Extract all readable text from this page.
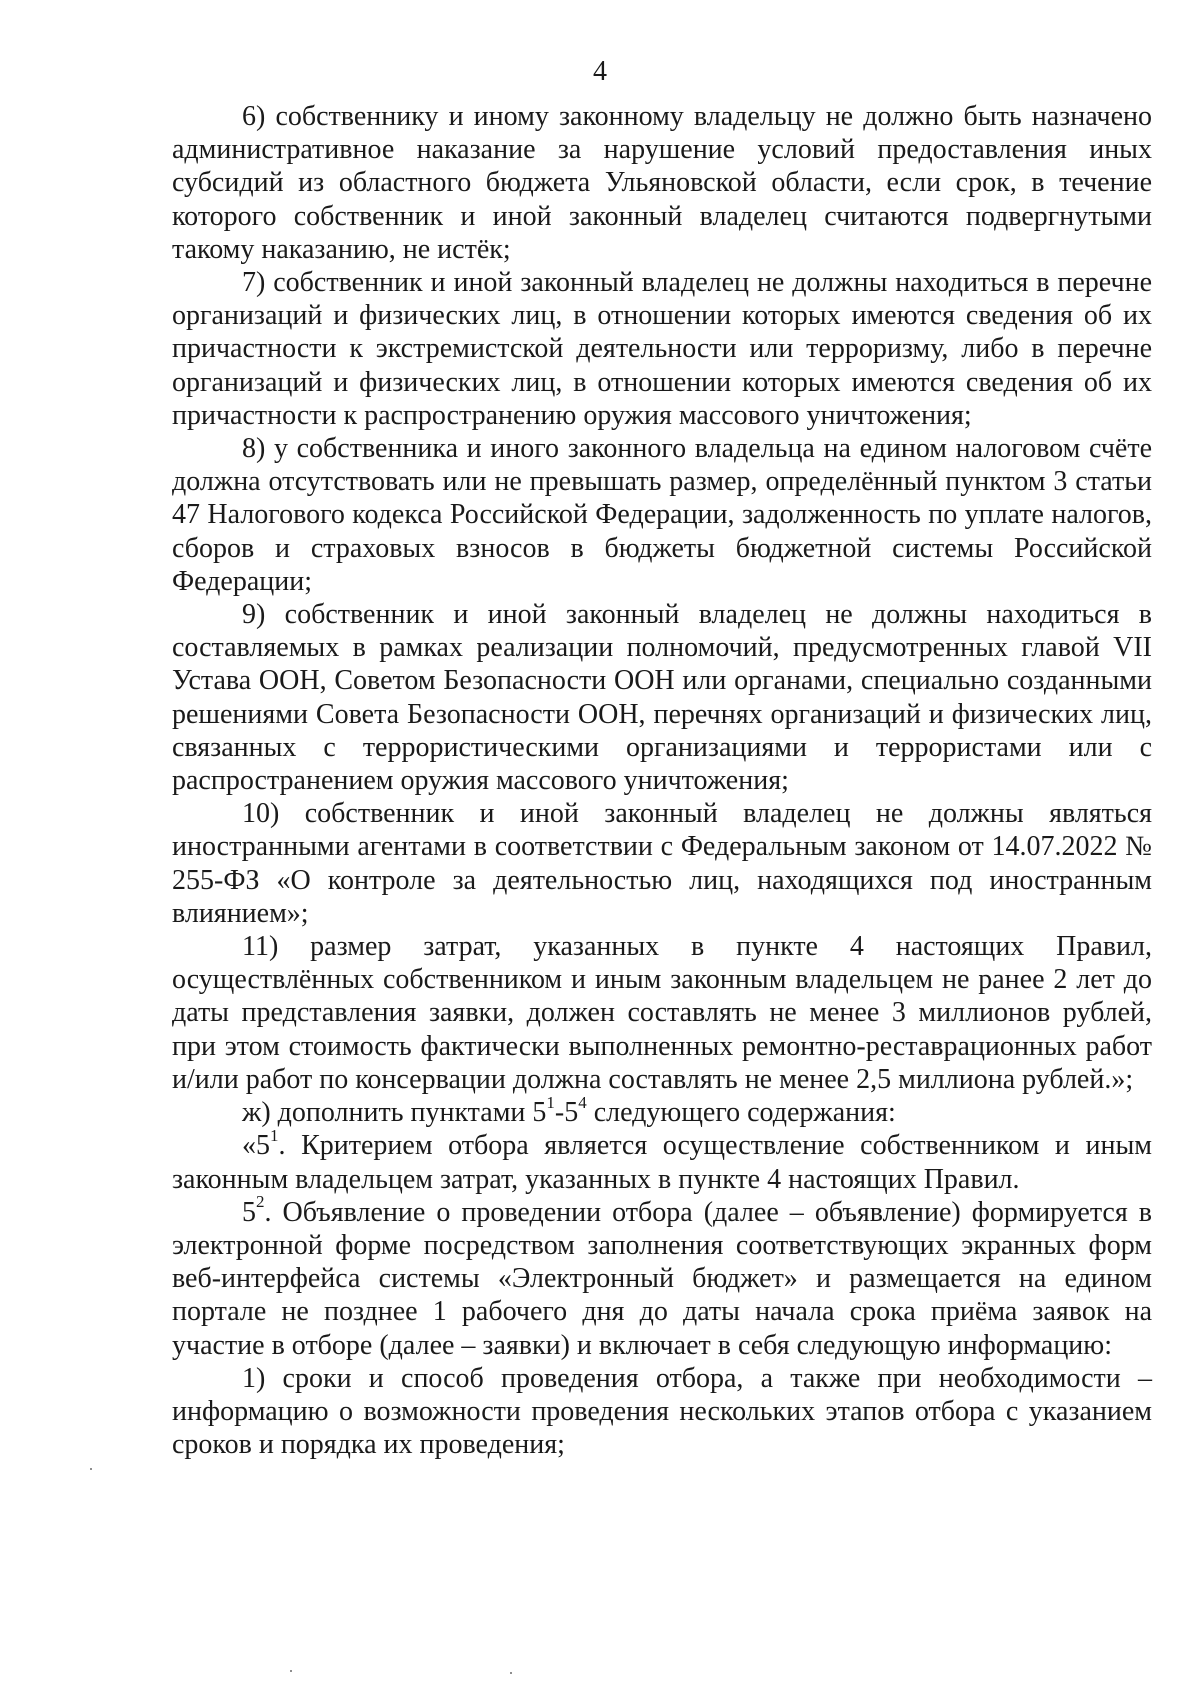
4

6) собственнику и иному законному владельцу не должно быть назначено административное наказание за нарушение условий предоставления иных субсидий из областного бюджета Ульяновской области, если срок, в течение которого собственник и иной законный владелец считаются подвергнутыми такому наказанию, не истёк;

7) собственник и иной законный владелец не должны находиться в перечне организаций и физических лиц, в отношении которых имеются сведения об их причастности к экстремистской деятельности или терроризму, либо в перечне организаций и физических лиц, в отношении которых имеются сведения об их причастности к распространению оружия массового уничтожения;

8) у собственника и иного законного владельца на едином налоговом счёте должна отсутствовать или не превышать размер, определённый пунктом 3 статьи 47 Налогового кодекса Российской Федерации, задолженность по уплате налогов, сборов и страховых взносов в бюджеты бюджетной системы Российской Федерации;

9) собственник и иной законный владелец не должны находиться в составляемых в рамках реализации полномочий, предусмотренных главой VII Устава ООН, Советом Безопасности ООН или органами, специально созданными решениями Совета Безопасности ООН, перечнях организаций и физических лиц, связанных с террористическими организациями и террористами или с распространением оружия массового уничтожения;

10) собственник и иной законный владелец не должны являться иностранными агентами в соответствии с Федеральным законом от 14.07.2022 № 255-ФЗ «О контроле за деятельностью лиц, находящихся под иностранным влиянием»;

11) размер затрат, указанных в пункте 4 настоящих Правил, осуществлённых собственником и иным законным владельцем не ранее 2 лет до даты представления заявки, должен составлять не менее 3 миллионов рублей, при этом стоимость фактически выполненных ремонтно-реставрационных работ и/или работ по консервации должна составлять не менее 2,5 миллиона рублей.»;

ж) дополнить пунктами $5^1-5^4$ следующего содержания:

«$5^1$. Критерием отбора является осуществление собственником и иным законным владельцем затрат, указанных в пункте 4 настоящих Правил.

$5^2$. Объявление о проведении отбора (далее – объявление) формируется в электронной форме посредством заполнения соответствующих экранных форм веб-интерфейса системы «Электронный бюджет» и размещается на едином портале не позднее 1 рабочего дня до даты начала срока приёма заявок на участие в отборе (далее – заявки) и включает в себя следующую информацию:

1) сроки и способ проведения отбора, а также при необходимости – информацию о возможности проведения нескольких этапов отбора с указанием сроков и порядка их проведения;
